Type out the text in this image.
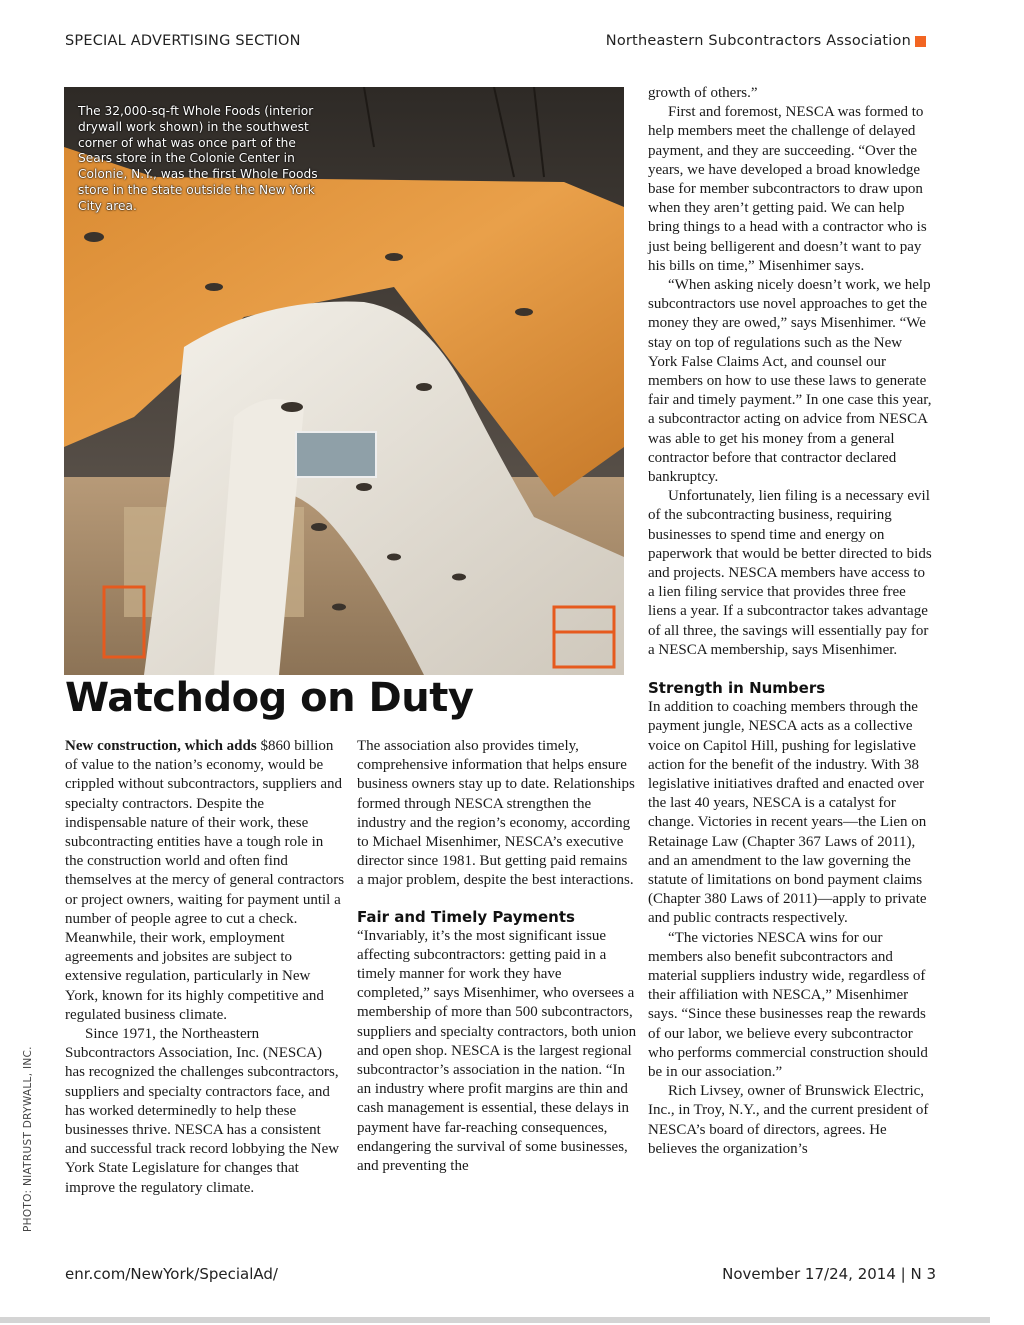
SPECIAL ADVERTISING SECTION	Northeastern Subcontractors Association
The 32,000-sq-ft Whole Foods (interior drywall work shown) in the southwest corner of what was once part of the Sears store in the Colonie Center in Colonie, N.Y., was the first Whole Foods store in the state outside the New York City area.
Watchdog on Duty

New construction, which adds $860 billion of value to the nation’s economy, would be crippled without subcontractors, suppliers and specialty contractors. Despite the indispensable nature of their work, these subcontracting entities have a tough role in the construction world and often find themselves at the mercy of general contractors or project owners, waiting for payment until a number of people agree to cut a check. Meanwhile, their work, employment agreements and jobsites are subject to extensive regulation, particularly in New York, known for its highly competitive and regulated business climate.

Since 1971, the Northeastern Subcontractors Association, Inc. (NESCA) has recognized the challenges subcontractors, suppliers and specialty contractors face, and has worked determinedly to help these businesses thrive. NESCA has a consistent and successful track record lobbying the New York State Legislature for changes that improve the regulatory climate.

The association also provides timely, comprehensive information that helps ensure business owners stay up to date. Relationships formed through NESCA strengthen the industry and the region’s economy, according to Michael Misenhimer, NESCA’s executive director since 1981. But getting paid remains a major problem, despite the best interactions.

Fair and Timely Payments

“Invariably, it’s the most significant issue affecting subcontractors: getting paid in a timely manner for work they have completed,” says Misenhimer, who oversees a membership of more than 500 subcontractors, suppliers and specialty contractors, both union and open shop. NESCA is the largest regional subcontractor’s association in the nation. “In an industry where profit margins are thin and cash management is essential, these delays in payment have far-reaching consequences, endangering the survival of some businesses, and preventing the

growth of others.”

First and foremost, NESCA was formed to help members meet the challenge of delayed payment, and they are succeeding. “Over the years, we have developed a broad knowledge base for member subcontractors to draw upon when they aren’t getting paid. We can help bring things to a head with a contractor who is just being belligerent and doesn’t want to pay his bills on time,” Misenhimer says.

“When asking nicely doesn’t work, we help subcontractors use novel approaches to get the money they are owed,” says Misenhimer. “We stay on top of regulations such as the New York False Claims Act, and counsel our members on how to use these laws to generate fair and timely payment.” In one case this year, a subcontractor acting on advice from NESCA was able to get his money from a general contractor before that contractor declared bankruptcy.

Unfortunately, lien filing is a necessary evil of the subcontracting business, requiring businesses to spend time and energy on paperwork that would be better directed to bids and projects. NESCA members have access to a lien filing service that provides three free liens a year. If a subcontractor takes advantage of all three, the savings will essentially pay for a NESCA membership, says Misenhimer.

Strength in Numbers

In addition to coaching members through the payment jungle, NESCA acts as a collective voice on Capitol Hill, pushing for legislative action for the benefit of the industry. With 38 legislative initiatives drafted and enacted over the last 40 years, NESCA is a catalyst for change. Victories in recent years—the Lien on Retainage Law (Chapter 367 Laws of 2011), and an amendment to the law governing the statute of limitations on bond payment claims (Chapter 380 Laws of 2011)—apply to private and public contracts respectively.

“The victories NESCA wins for our members also benefit subcontractors and material suppliers industry wide, regardless of their affiliation with NESCA,” Misenhimer says. “Since these businesses reap the rewards of our labor, we believe every subcontractor who performs commercial construction should be in our association.”

Rich Livsey, owner of Brunswick Electric, Inc., in Troy, N.Y., and the current president of NESCA’s board of directors, agrees. He believes the organization’s

PHOTO: NIATRUST DRYWALL, INC.
enr.com/NewYork/SpecialAd/	November 17/24, 2014 | N 3
